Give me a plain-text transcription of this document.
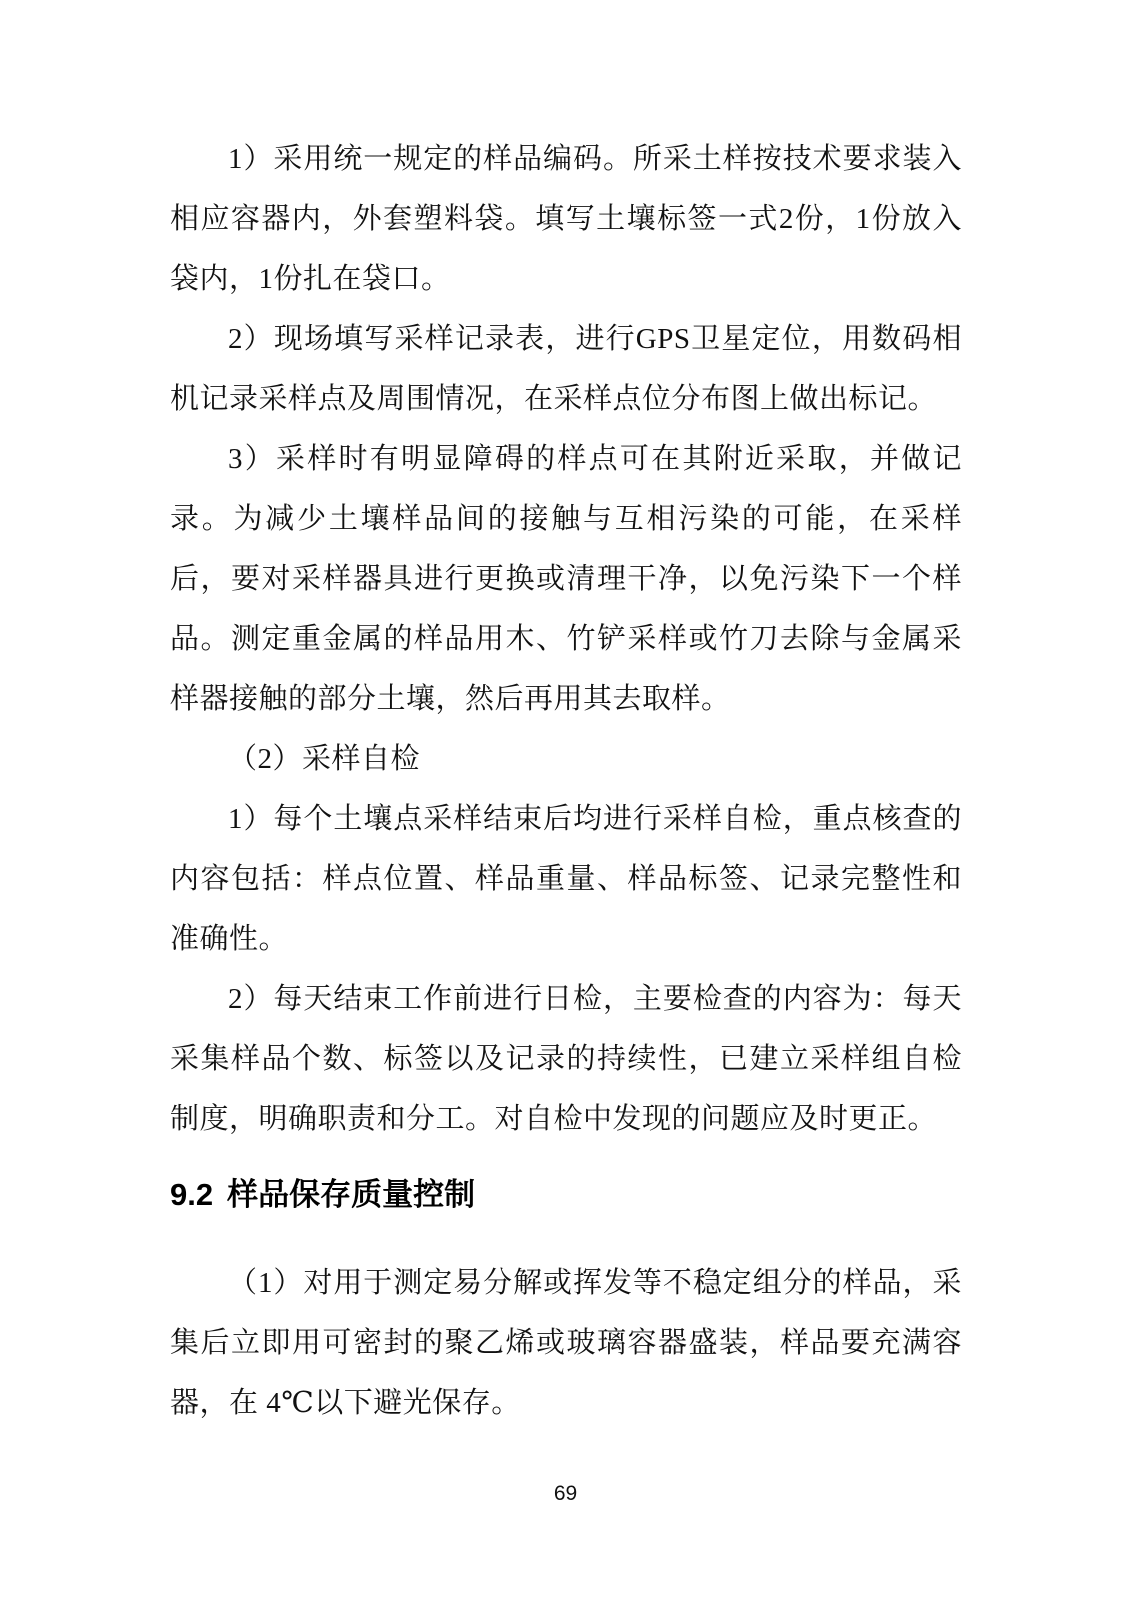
1）采用统一规定的样品编码。所采土样按技术要求装入相应容器内，外套塑料袋。填写土壤标签一式2份，1份放入袋内，1份扎在袋口。

2）现场填写采样记录表，进行GPS卫星定位，用数码相机记录采样点及周围情况，在采样点位分布图上做出标记。

3）采样时有明显障碍的样点可在其附近采取，并做记录。为减少土壤样品间的接触与互相污染的可能，在采样后，要对采样器具进行更换或清理干净，以免污染下一个样品。测定重金属的样品用木、竹铲采样或竹刀去除与金属采样器接触的部分土壤，然后再用其去取样。

（2）采样自检

1）每个土壤点采样结束后均进行采样自检，重点核查的内容包括：样点位置、样品重量、样品标签、记录完整性和准确性。

2）每天结束工作前进行日检，主要检查的内容为：每天采集样品个数、标签以及记录的持续性，已建立采样组自检制度，明确职责和分工。对自检中发现的问题应及时更正。

9.2 样品保存质量控制

（1）对用于测定易分解或挥发等不稳定组分的样品，采集后立即用可密封的聚乙烯或玻璃容器盛装，样品要充满容器，在 4℃以下避光保存。

69
